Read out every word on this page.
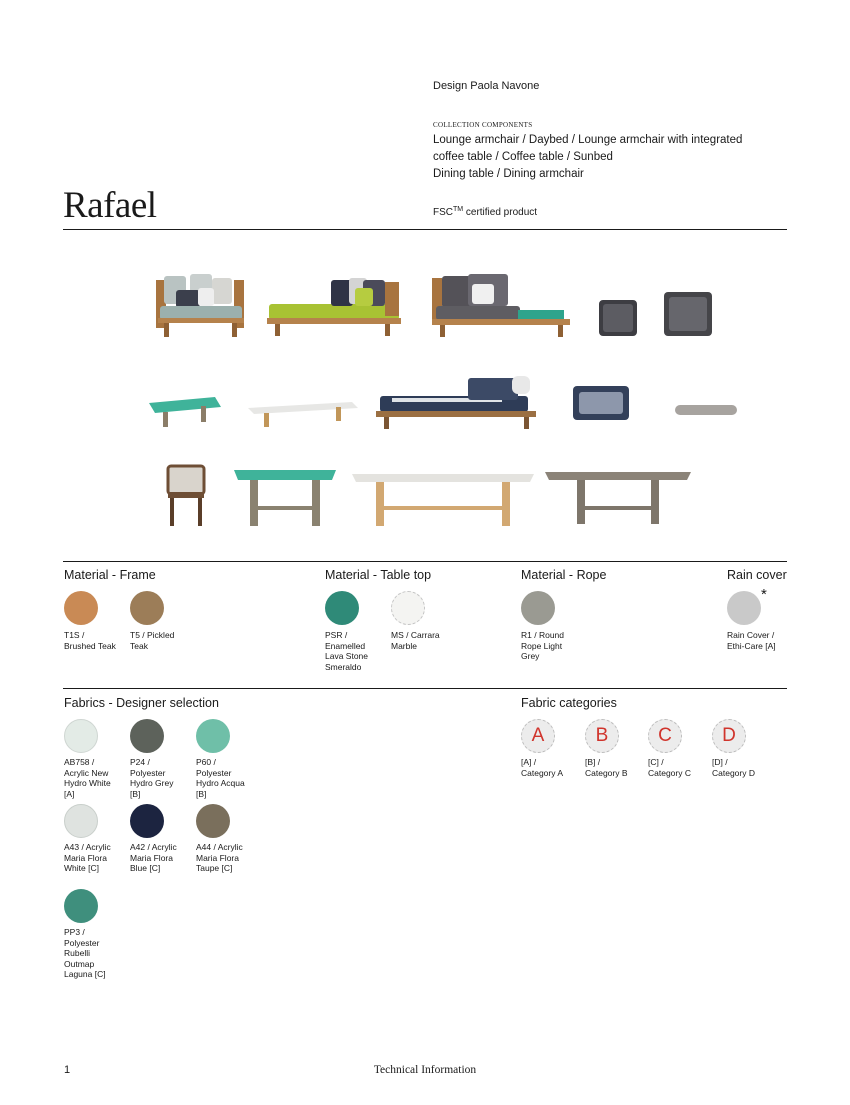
Design Paola Navone
COLLECTION COMPONENTS
Lounge armchair / Daybed / Lounge armchair with integrated
coffee table / Coffee table / Sunbed
Dining table / Dining armchair
Rafael	FSC™ certified product
Material - Frame
T1S /
Brushed Teak
T5 / Pickled
Teak
Material - Table top
PSR /
Enamelled
Lava Stone
Smeraldo
MS / Carrara
Marble
Material - Rope
R1 / Round
Rope Light
Grey
Rain cover
*
Rain Cover /
Ethi-Care [A]
Fabrics - Designer selection
AB758 /
Acrylic New
Hydro White
[A]
P24 /
Polyester
Hydro Grey
[B]
P60 /
Polyester
Hydro Acqua
[B]
A43 / Acrylic
Maria Flora
White [C]
A42 / Acrylic
Maria Flora
Blue [C]
A44 / Acrylic
Maria Flora
Taupe [C]
PP3 /
Polyester
Rubelli
Outmap
Laguna [C]
Fabric categories
A
[A] /
Category A
B
[B] /
Category B
C
[C] /
Category C
D
[D] /
Category D
1	Technical Information
